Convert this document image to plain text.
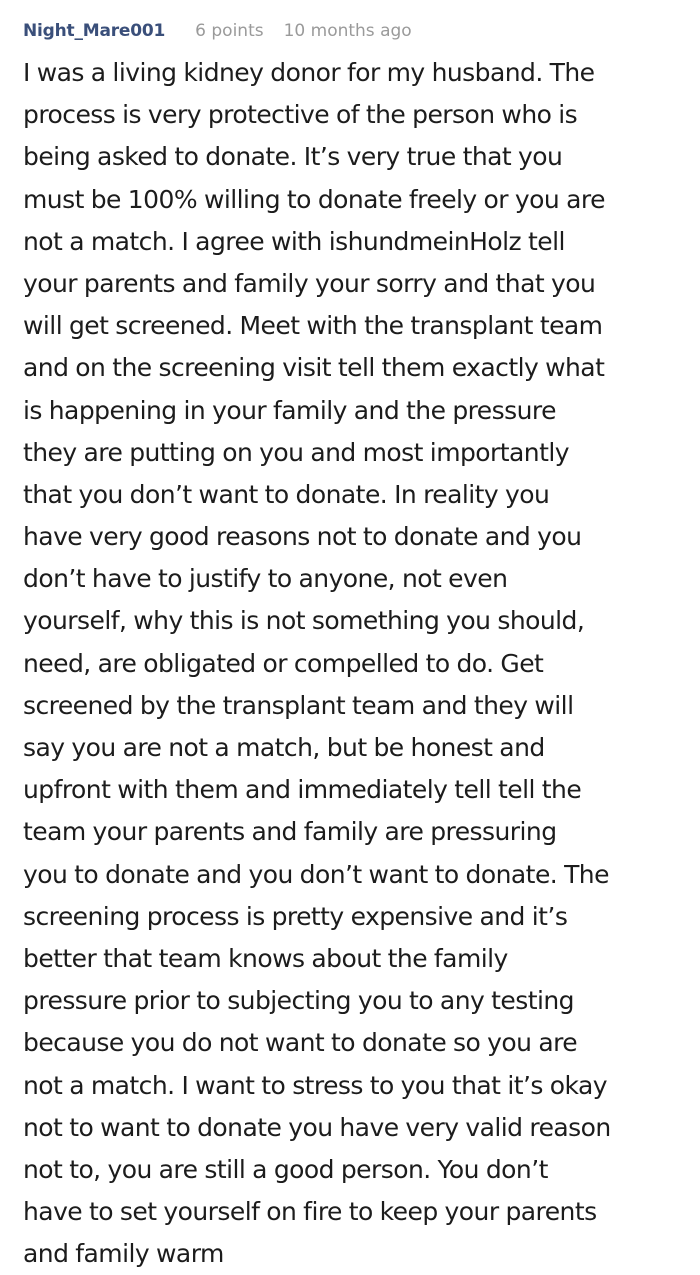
Night_Mare001 6 points 10 months ago

I was a living kidney donor for my husband. The
process is very protective of the person who is
being asked to donate. It’s very true that you
must be 100% willing to donate freely or you are
not a match. I agree with ishundmeinHolz tell
your parents and family your sorry and that you
will get screened. Meet with the transplant team
and on the screening visit tell them exactly what
is happening in your family and the pressure
they are putting on you and most importantly
that you don’t want to donate. In reality you
have very good reasons not to donate and you
don’t have to justify to anyone, not even
yourself, why this is not something you should,
need, are obligated or compelled to do. Get
screened by the transplant team and they will
say you are not a match, but be honest and
upfront with them and immediately tell tell the
team your parents and family are pressuring
you to donate and you don’t want to donate. The
screening process is pretty expensive and it’s
better that team knows about the family
pressure prior to subjecting you to any testing
because you do not want to donate so you are
not a match. I want to stress to you that it’s okay
not to want to donate you have very valid reason
not to, you are still a good person. You don’t
have to set yourself on fire to keep your parents
and family warm
